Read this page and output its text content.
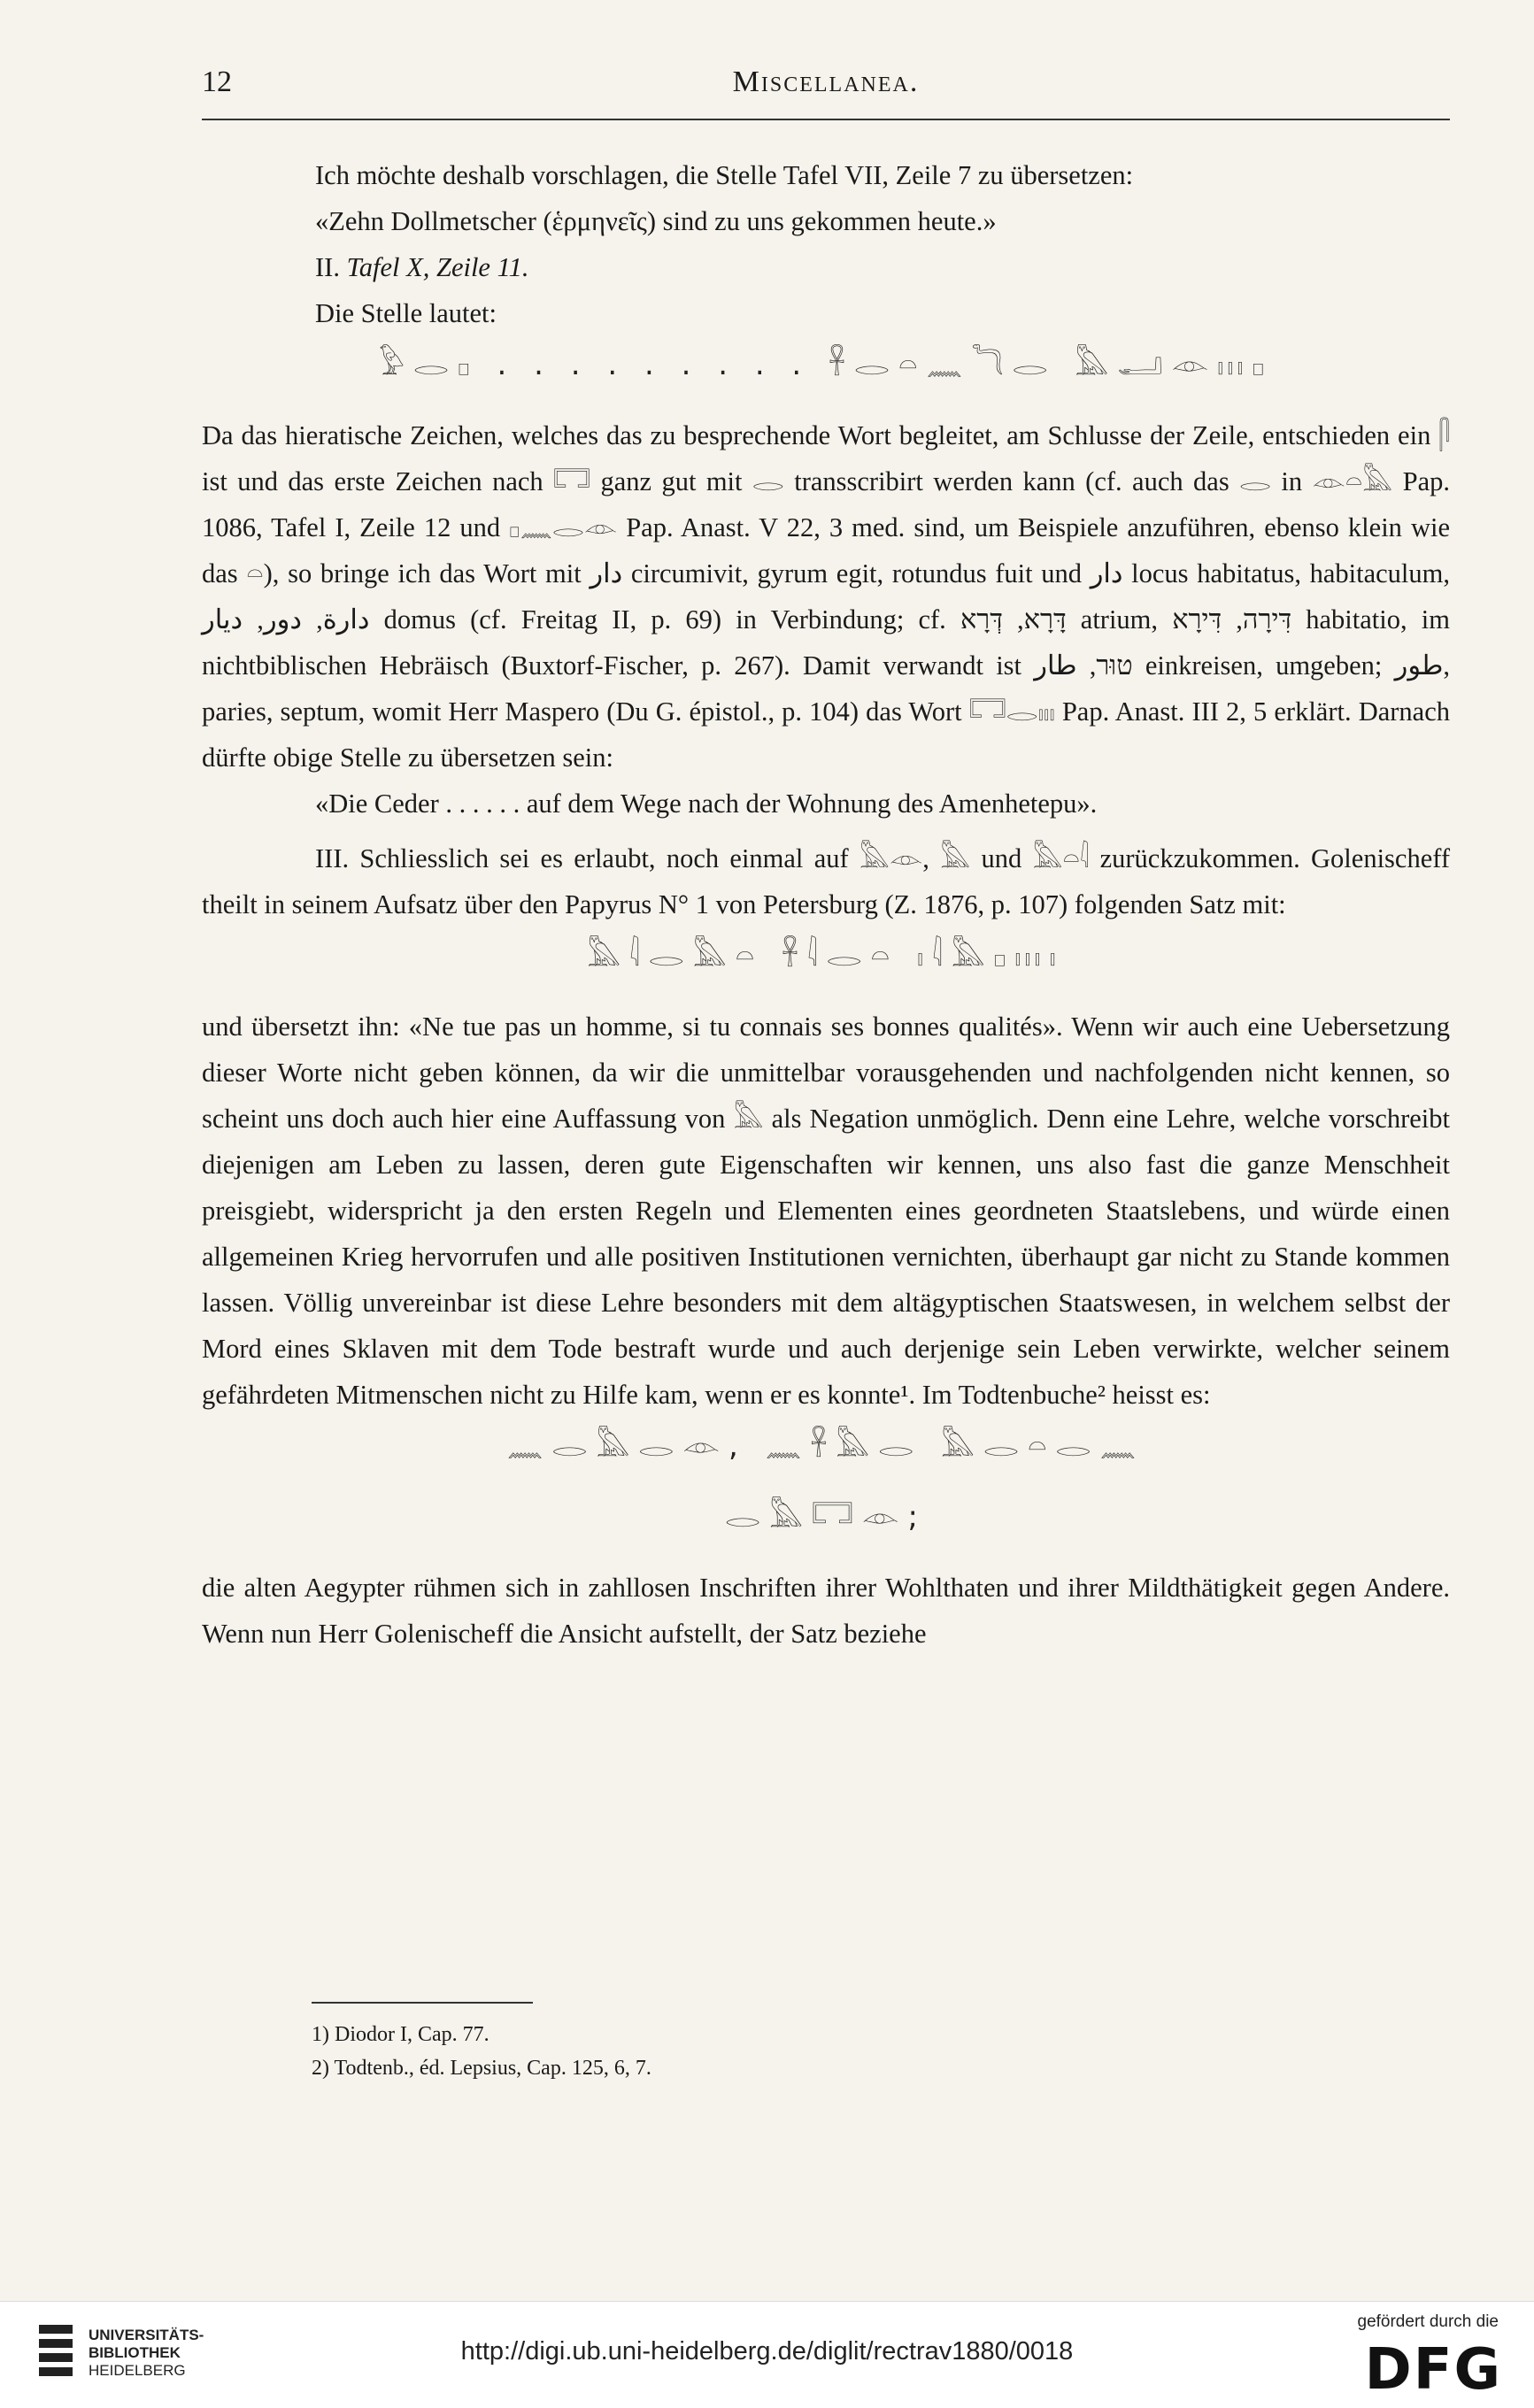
12	Miscellanea.

Ich möchte deshalb vorschlagen, die Stelle Tafel VII, Zeile 7 zu übersetzen:

«Zehn Dollmetscher (ἑρμηνεῖς) sind zu uns gekommen heute.»

II. Tafel X, Zeile 11.

Die Stelle lautet:

𓅱𓂋𓊪 . . . . . . . . . 𓋹𓂋𓏏𓈖𓆓𓂋 𓅓𓂝𓁹𓏥𓊪

Da das hieratische Zeichen, welches das zu besprechende Wort begleitet, am Schlusse der Zeile, entschieden ein 𓋴 ist und das erste Zeichen nach 𓉐 ganz gut mit 𓂋 transscribirt werden kann (cf. auch das 𓂋 in 𓁹𓏏𓅓 Pap. 1086, Tafel I, Zeile 12 und 𓊪𓈖𓂋𓁹 Pap. Anast. V 22, 3 med. sind, um Beispiele anzuführen, ebenso klein wie das 𓏏), so bringe ich das Wort mit دار circumivit, gyrum egit, rotundus fuit und دار locus habitatus, habitaculum, دارة, دور, ديار domus (cf. Freitag II, p. 69) in Verbindung; cf. דָּרָא, דְּרָא atrium, דִּירָה, דִּירָא habitatio, im nichtbiblischen Hebräisch (Buxtorf-Fischer, p. 267). Damit verwandt ist טוּר, طار einkreisen, umgeben; طور, paries, septum, womit Herr Maspero (Du G. épistol., p. 104) das Wort 𓉐𓂋𓏤𓏤𓏤 Pap. Anast. III 2, 5 erklärt. Darnach dürfte obige Stelle zu übersetzen sein:

«Die Ceder . . . . . . auf dem Wege nach der Wohnung des Amenhetepu».

III. Schliesslich sei es erlaubt, noch einmal auf 𓅓𓁹, 𓅓 und 𓅓𓏏𓇋 zurückzukommen. Golenischeff theilt in seinem Aufsatz über den Papyrus N° 1 von Petersburg (Z. 1876, p. 107) folgenden Satz mit:

𓅓𓇋𓂋𓅓𓏏 𓋹𓇋𓂋𓏏 𓏤𓇋𓅓𓊪𓏥𓏤

und übersetzt ihn: «Ne tue pas un homme, si tu connais ses bonnes qualités». Wenn wir auch eine Uebersetzung dieser Worte nicht geben können, da wir die unmittelbar vorausgehenden und nachfolgenden nicht kennen, so scheint uns doch auch hier eine Auffassung von 𓅓 als Negation unmöglich. Denn eine Lehre, welche vorschreibt diejenigen am Leben zu lassen, deren gute Eigenschaften wir kennen, uns also fast die ganze Menschheit preisgiebt, widerspricht ja den ersten Regeln und Elementen eines geordneten Staatslebens, und würde einen allgemeinen Krieg hervorrufen und alle positiven Institutionen vernichten, überhaupt gar nicht zu Stande kommen lassen. Völlig unvereinbar ist diese Lehre besonders mit dem altägyptischen Staatswesen, in welchem selbst der Mord eines Sklaven mit dem Tode bestraft wurde und auch derjenige sein Leben verwirkte, welcher seinem gefährdeten Mitmenschen nicht zu Hilfe kam, wenn er es konnte¹. Im Todtenbuche² heisst es:

𓈖𓂋𓅓𓂋𓁹, 𓈖𓋹𓅓𓂋 𓅓𓂋𓏏𓂋𓈖
𓂋𓅓𓉐𓁹;

die alten Aegypter rühmen sich in zahllosen Inschriften ihrer Wohlthaten und ihrer Mildthätigkeit gegen Andere. Wenn nun Herr Golenischeff die Ansicht aufstellt, der Satz beziehe

1) Diodor I, Cap. 77.
2) Todtenb., éd. Lepsius, Cap. 125, 6, 7.
UNIVERSITÄTS-
BIBLIOTHEK
HEIDELBERG
http://digi.ub.uni-heidelberg.de/diglit/rectrav1880/0018
gefördert durch die
DFG
